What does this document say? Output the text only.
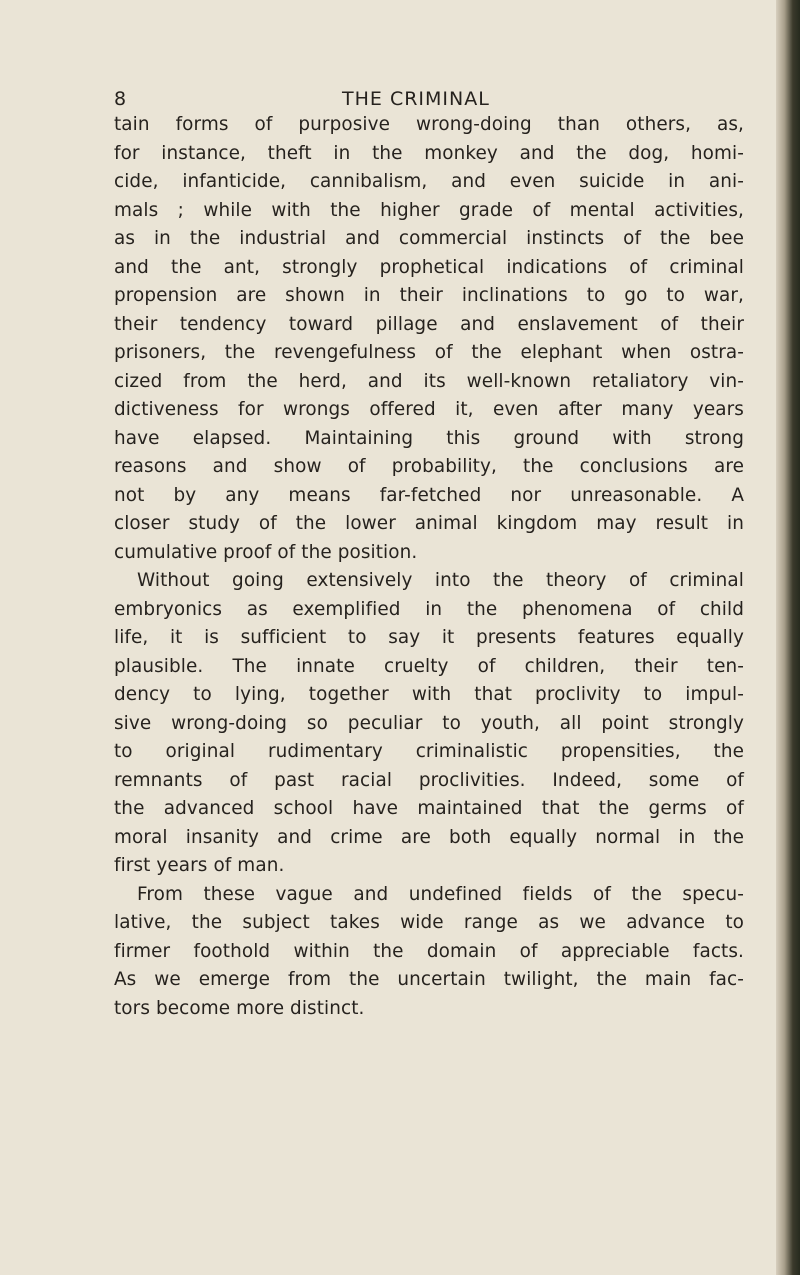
8	THE CRIMINAL
tain forms of purposive wrong-doing than others, as,
for instance, theft in the monkey and the dog, homi-
cide, infanticide, cannibalism, and even suicide in ani-
mals ; while with the higher grade of mental activities,
as in the industrial and commercial instincts of the bee
and the ant, strongly prophetical indications of criminal
propension are shown in their inclinations to go to war,
their tendency toward pillage and enslavement of their
prisoners, the revengefulness of the elephant when ostra-
cized from the herd, and its well-known retaliatory vin-
dictiveness for wrongs offered it, even after many years
have elapsed. Maintaining this ground with strong
reasons and show of probability, the conclusions are
not by any means far-fetched nor unreasonable. A
closer study of the lower animal kingdom may result in
cumulative proof of the position.
Without going extensively into the theory of criminal
embryonics as exemplified in the phenomena of child
life, it is sufficient to say it presents features equally
plausible. The innate cruelty of children, their ten-
dency to lying, together with that proclivity to impul-
sive wrong-doing so peculiar to youth, all point strongly
to original rudimentary criminalistic propensities, the
remnants of past racial proclivities. Indeed, some of
the advanced school have maintained that the germs of
moral insanity and crime are both equally normal in the
first years of man.
From these vague and undefined fields of the specu-
lative, the subject takes wide range as we advance to
firmer foothold within the domain of appreciable facts.
As we emerge from the uncertain twilight, the main fac-
tors become more distinct.
